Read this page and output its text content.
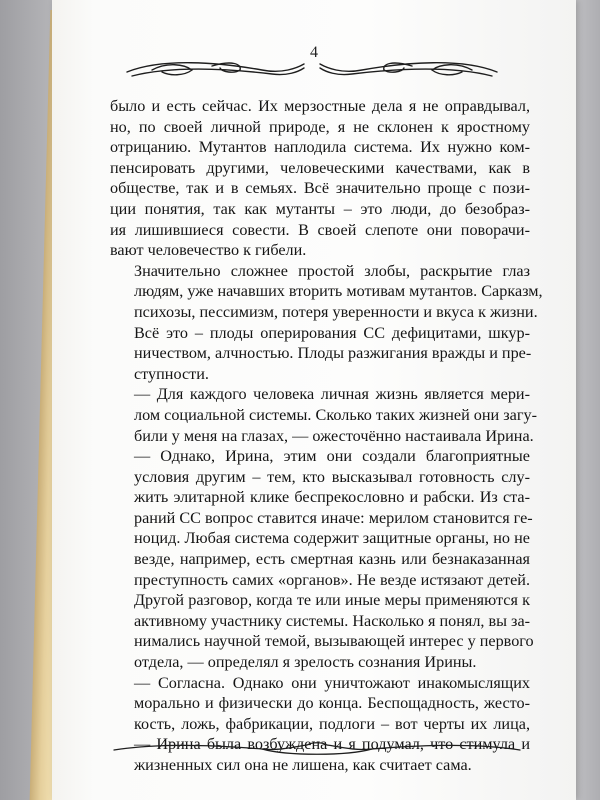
4

было и есть сейчас. Их мерзостные дела я не оправдывал,
но, по своей личной природе, я не склонен к яростному
отрицанию. Мутантов наплодила система. Их нужно ком-
пенсировать другими, человеческими качествами, как в
обществе, так и в семьях. Всё значительно проще с пози-
ции понятия, так как мутанты – это люди, до безобраз-
ия лишившиеся совести. В своей слепоте они поворачи-
вают человечество к гибели.

Значительно сложнее простой злобы, раскрытие глаз
людям, уже начавших вторить мотивам мутантов. Сарказм,
психозы, пессимизм, потеря уверенности и вкуса к жизни.
Всё это – плоды оперирования СС дефицитами, шкур-
ничеством, алчностью. Плоды разжигания вражды и пре-
ступности.

— Для каждого человека личная жизнь является мери-
лом социальной системы. Сколько таких жизней они загу-
били у меня на глазах, — ожесточённо настаивала Ирина.

— Однако, Ирина, этим они создали благоприятные
условия другим – тем, кто высказывал готовность слу-
жить элитарной клике беспрекословно и рабски. Из ста-
раний СС вопрос ставится иначе: мерилом становится ге-
ноцид. Любая система содержит защитные органы, но не
везде, например, есть смертная казнь или безнаказанная
преступность самих «органов». Не везде истязают детей.
Другой разговор, когда те или иные меры применяются к
активному участнику системы. Насколько я понял, вы за-
нимались научной темой, вызывающей интерес у первого
отдела, — определял я зрелость сознания Ирины.

— Согласна. Однако они уничтожают инакомыслящих
морально и физически до конца. Беспощадность, жесто-
кость, ложь, фабрикации, подлоги – вот черты их лица,
— Ирина была возбуждена и я подумал, что стимула и
жизненных сил она не лишена, как считает сама.
